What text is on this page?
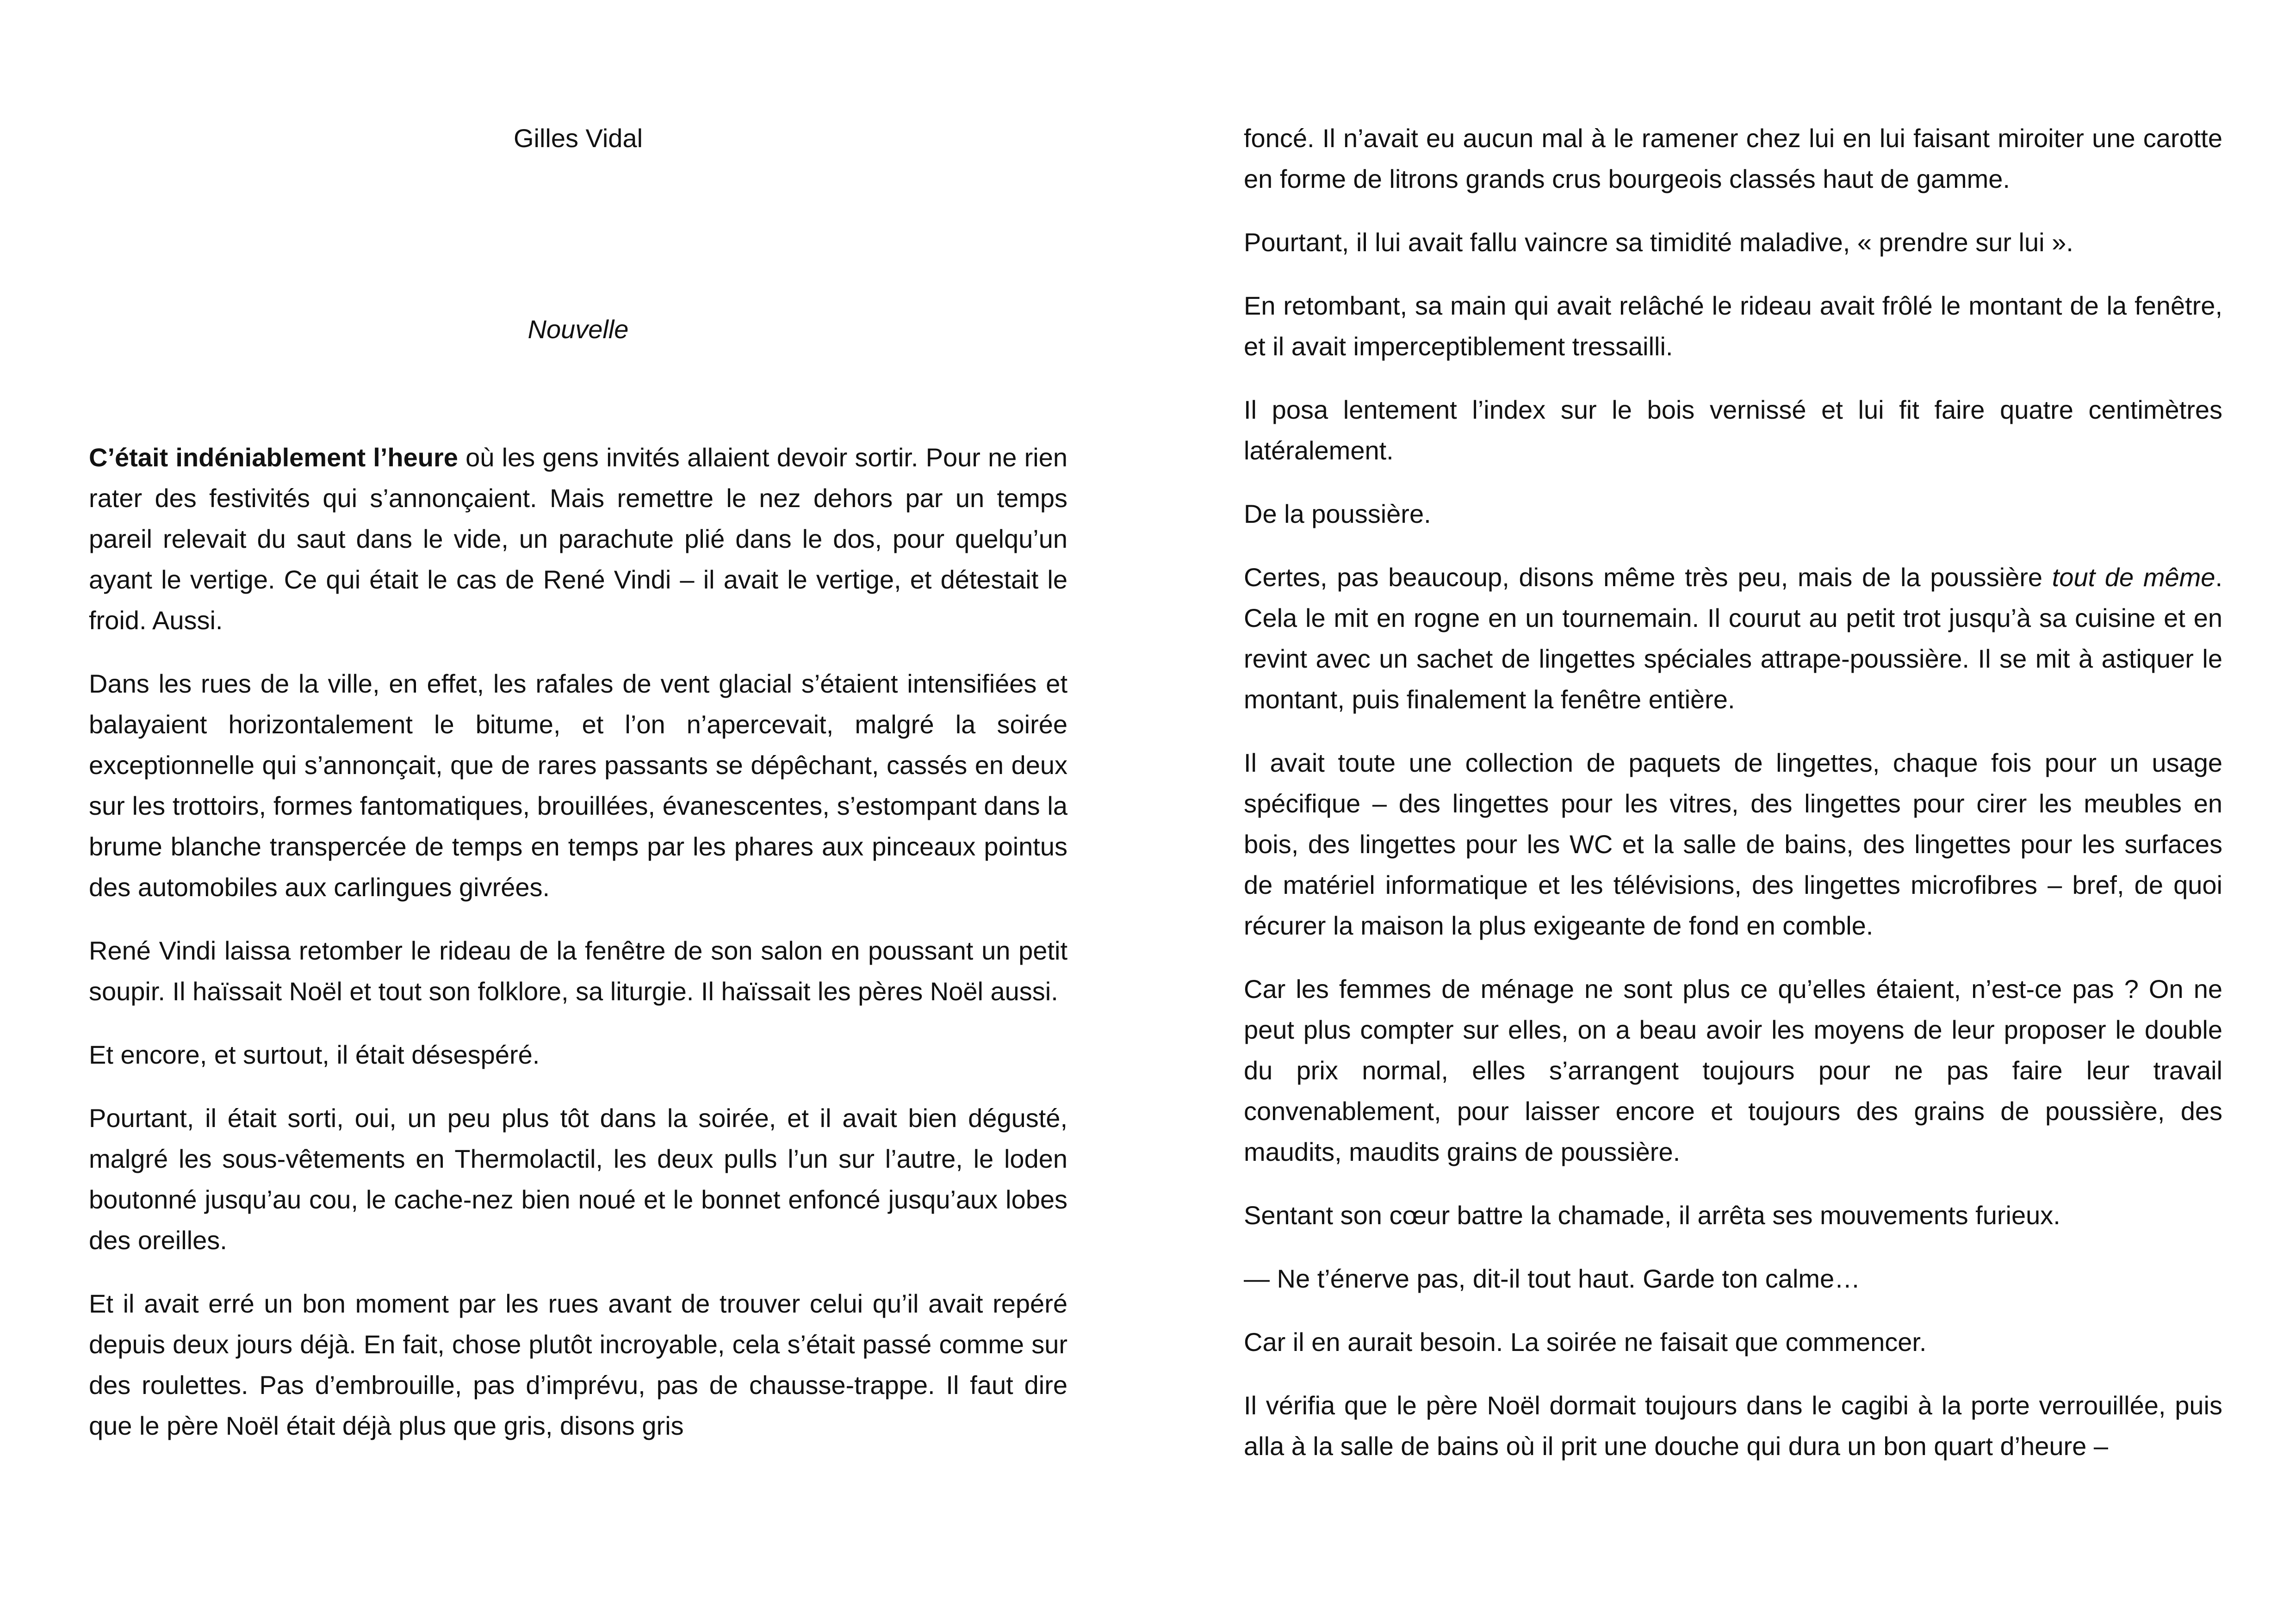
Gilles Vidal

Nouvelle

C’était indéniablement l’heure où les gens invités allaient devoir sortir. Pour ne rien rater des festivités qui s’annonçaient. Mais remettre le nez dehors par un temps pareil relevait du saut dans le vide, un parachute plié dans le dos, pour quelqu’un ayant le vertige. Ce qui était le cas de René Vindi – il avait le vertige, et détestait le froid. Aussi.

Dans les rues de la ville, en effet, les rafales de vent glacial s’étaient intensifiées et balayaient horizontalement le bitume, et l’on n’apercevait, malgré la soirée exceptionnelle qui s’annonçait, que de rares passants se dépêchant, cassés en deux sur les trottoirs, formes fantomatiques, brouillées, évanescentes, s’estompant dans la brume blanche transpercée de temps en temps par les phares aux pinceaux pointus des automobiles aux carlingues givrées.

René Vindi laissa retomber le rideau de la fenêtre de son salon en poussant un petit soupir. Il haïssait Noël et tout son folklore, sa liturgie. Il haïssait les pères Noël aussi.

Et encore, et surtout, il était désespéré.

Pourtant, il était sorti, oui, un peu plus tôt dans la soirée, et il avait bien dégusté, malgré les sous-vêtements en Thermolactil, les deux pulls l’un sur l’autre, le loden boutonné jusqu’au cou, le cache-nez bien noué et le bonnet enfoncé jusqu’aux lobes des oreilles.

Et il avait erré un bon moment par les rues avant de trouver celui qu’il avait repéré depuis deux jours déjà. En fait, chose plutôt incroyable, cela s’était passé comme sur des roulettes. Pas d’embrouille, pas d’imprévu, pas de chausse-trappe. Il faut dire que le père Noël était déjà plus que gris, disons gris

foncé. Il n’avait eu aucun mal à le ramener chez lui en lui faisant miroiter une carotte en forme de litrons grands crus bourgeois classés haut de gamme.

Pourtant, il lui avait fallu vaincre sa timidité maladive, « prendre sur lui ».

En retombant, sa main qui avait relâché le rideau avait frôlé le montant de la fenêtre, et il avait imperceptiblement tressailli.

Il posa lentement l’index sur le bois vernissé et lui fit faire quatre centimètres latéralement.

De la poussière.

Certes, pas beaucoup, disons même très peu, mais de la poussière tout de même. Cela le mit en rogne en un tournemain. Il courut au petit trot jusqu’à sa cuisine et en revint avec un sachet de lingettes spéciales attrape-poussière. Il se mit à astiquer le montant, puis finalement la fenêtre entière.

Il avait toute une collection de paquets de lingettes, chaque fois pour un usage spécifique – des lingettes pour les vitres, des lingettes pour cirer les meubles en bois, des lingettes pour les WC et la salle de bains, des lingettes pour les surfaces de matériel informatique et les télévisions, des lingettes microfibres – bref, de quoi récurer la maison la plus exigeante de fond en comble.

Car les femmes de ménage ne sont plus ce qu’elles étaient, n’est-ce pas ? On ne peut plus compter sur elles, on a beau avoir les moyens de leur proposer le double du prix normal, elles s’arrangent toujours pour ne pas faire leur travail convenablement, pour laisser encore et toujours des grains de poussière, des maudits, maudits grains de poussière.

Sentant son cœur battre la chamade, il arrêta ses mouvements furieux.

— Ne t’énerve pas, dit-il tout haut. Garde ton calme…

Car il en aurait besoin. La soirée ne faisait que commencer.

Il vérifia que le père Noël dormait toujours dans le cagibi à la porte verrouillée, puis alla à la salle de bains où il prit une douche qui dura un bon quart d’heure –
